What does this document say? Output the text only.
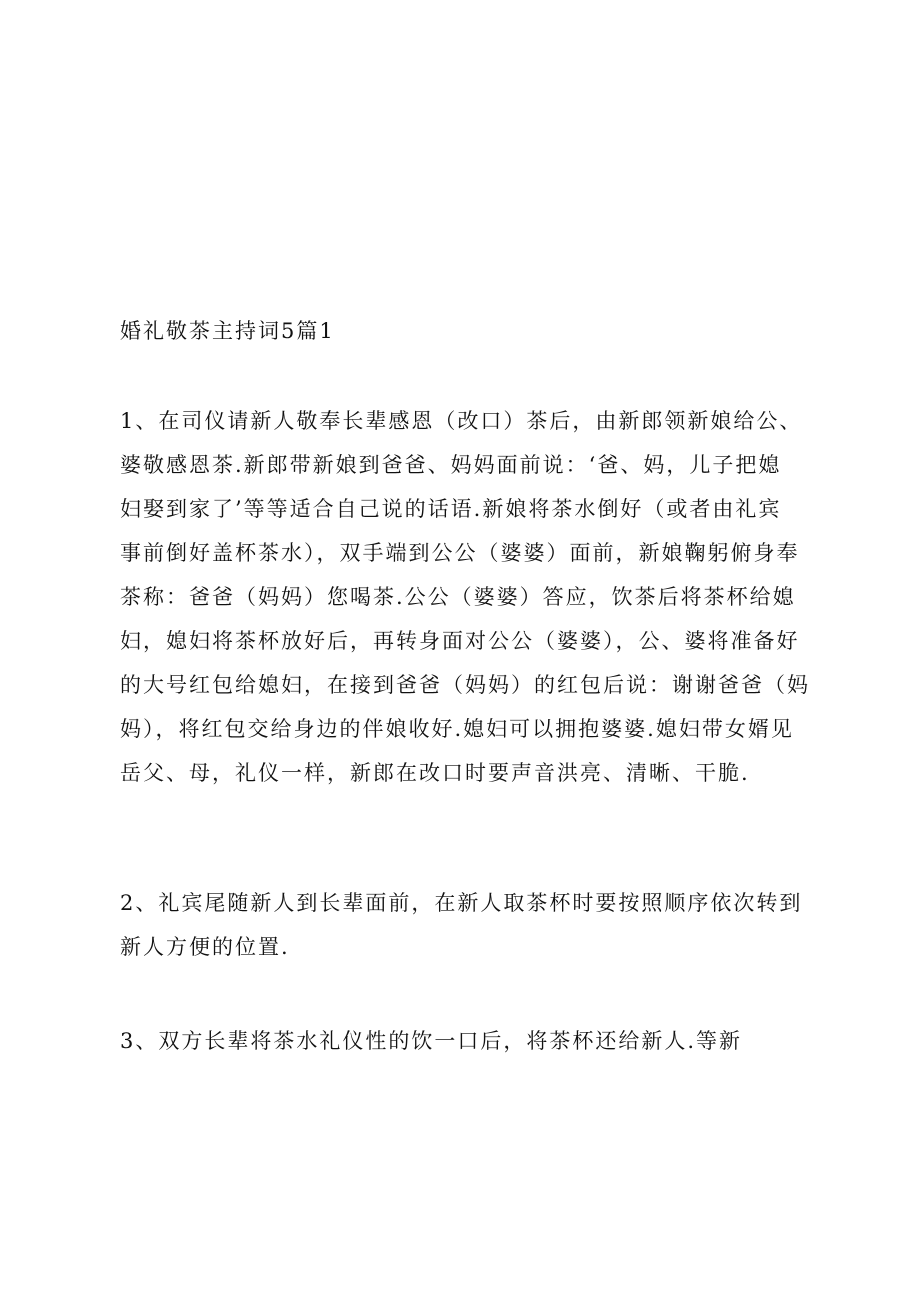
婚礼敬茶主持词5篇1

1、在司仪请新人敬奉长辈感恩（改口）茶后，由新郎领新娘给公、
婆敬感恩茶.新郎带新娘到爸爸、妈妈面前说：‘爸、妈，儿子把媳
妇娶到家了’等等适合自己说的话语.新娘将茶水倒好（或者由礼宾
事前倒好盖杯茶水），双手端到公公（婆婆）面前，新娘鞠躬俯身奉
茶称：爸爸（妈妈）您喝茶.公公（婆婆）答应，饮茶后将茶杯给媳
妇，媳妇将茶杯放好后，再转身面对公公（婆婆），公、婆将准备好
的大号红包给媳妇，在接到爸爸（妈妈）的红包后说：谢谢爸爸（妈
妈），将红包交给身边的伴娘收好.媳妇可以拥抱婆婆.媳妇带女婿见
岳父、母，礼仪一样，新郎在改口时要声音洪亮、清晰、干脆.

2、礼宾尾随新人到长辈面前，在新人取茶杯时要按照顺序依次转到
新人方便的位置.

3、双方长辈将茶水礼仪性的饮一口后，将茶杯还给新人.等新
